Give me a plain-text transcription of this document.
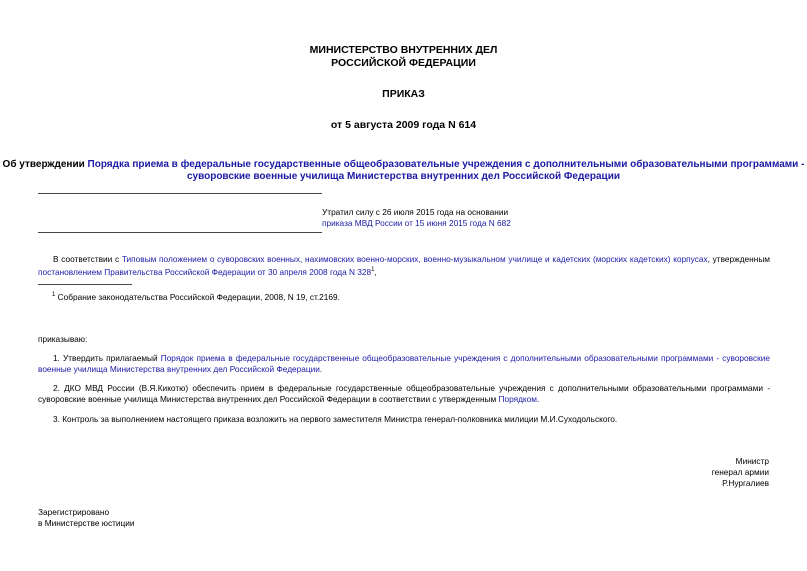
МИНИСТЕРСТВО ВНУТРЕННИХ ДЕЛ
РОССИЙСКОЙ ФЕДЕРАЦИИ
ПРИКАЗ
от 5 августа 2009 года N 614
Об утверждении Порядка приема в федеральные государственные общеобразовательные учреждения с дополнительными образовательными программами -
суворовские военные училища Министерства внутренних дел Российской Федерации
Утратил силу с 26 июля 2015 года на основании
приказа МВД России от 15 июня 2015 года N 682
В соответствии с Типовым положением о суворовских военных, нахимовских военно-морских, военно-музыкальном училище и кадетских (морских кадетских) корпусах, утвержденным постановлением Правительства Российской Федерации от 30 апреля 2008 года N $328^1$,
$^1$ Собрание законодательства Российской Федерации, 2008, N 19, ст.2169.
приказываю:
1. Утвердить прилагаемый Порядок приема в федеральные государственные общеобразовательные учреждения с дополнительными образовательными программами - суворовские военные училища Министерства внутренних дел Российской Федерации.
2. ДКО МВД России (В.Я.Кикотю) обеспечить прием в федеральные государственные общеобразовательные учреждения с дополнительными образовательными программами - суворовские военные училища Министерства внутренних дел Российской Федерации в соответствии с утвержденным Порядком.
3. Контроль за выполнением настоящего приказа возложить на первого заместителя Министра генерал-полковника милиции М.И.Суходольского.
Министр
генерал армии
Р.Нургалиев
Зарегистрировано
в Министерстве юстиции
